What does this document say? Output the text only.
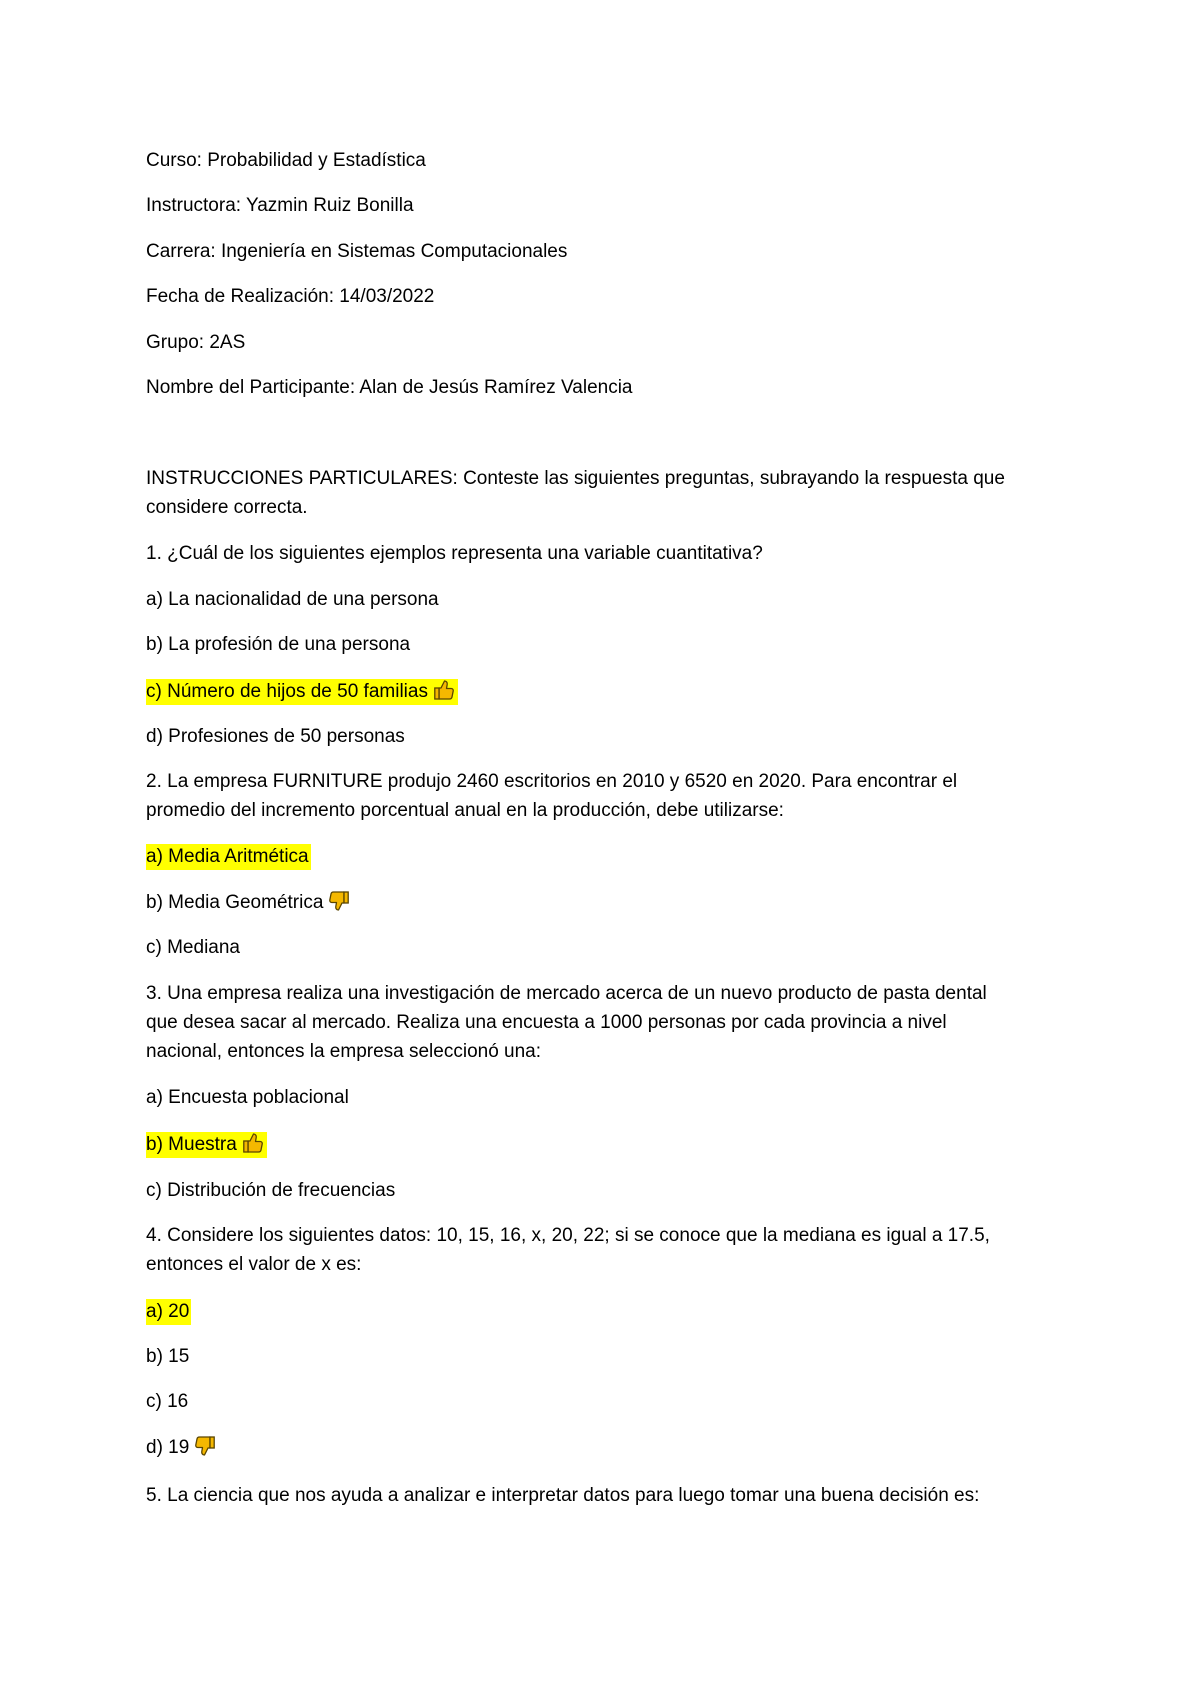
Curso: Probabilidad y Estadística

Instructora: Yazmin Ruiz Bonilla

Carrera: Ingeniería en Sistemas Computacionales

Fecha de Realización: 14/03/2022

Grupo: 2AS

Nombre del Participante: Alan de Jesús Ramírez Valencia

INSTRUCCIONES PARTICULARES: Conteste las siguientes preguntas, subrayando la respuesta que

considere correcta.

1. ¿Cuál de los siguientes ejemplos representa una variable cuantitativa?

a) La nacionalidad de una persona

b) La profesión de una persona

c) Número de hijos de 50 familias

d) Profesiones de 50 personas

2. La empresa FURNITURE produjo 2460 escritorios en 2010 y 6520 en 2020. Para encontrar el

promedio del incremento porcentual anual en la producción, debe utilizarse:

a) Media Aritmética

b) Media Geométrica

c) Mediana

3. Una empresa realiza una investigación de mercado acerca de un nuevo producto de pasta dental

que desea sacar al mercado. Realiza una encuesta a 1000 personas por cada provincia a nivel

nacional, entonces la empresa seleccionó una:

a) Encuesta poblacional

b) Muestra

c) Distribución de frecuencias

4. Considere los siguientes datos: 10, 15, 16, x, 20, 22; si se conoce que la mediana es igual a 17.5,

entonces el valor de x es:

a) 20

b) 15

c) 16

d) 19

5. La ciencia que nos ayuda a analizar e interpretar datos para luego tomar una buena decisión es:
